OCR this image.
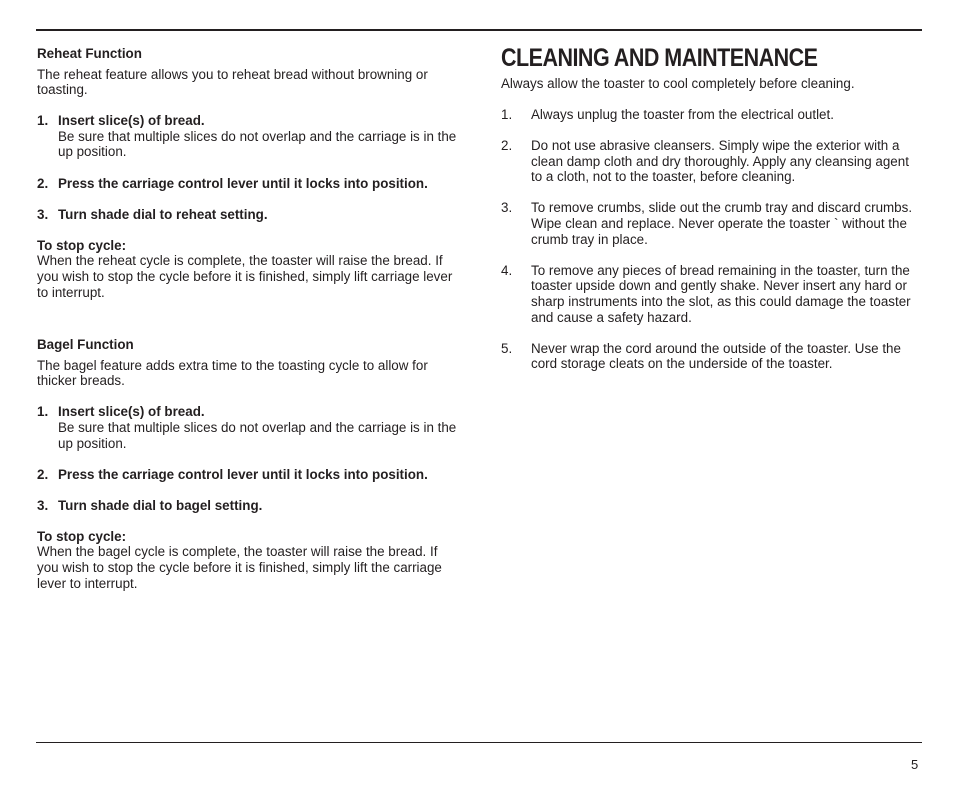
Reheat Function

The reheat feature allows you to reheat bread without browning or toasting.

1. Insert slice(s) of bread.
Be sure that multiple slices do not overlap and the carriage is in the up position.
2. Press the carriage control lever until it locks into position.
3. Turn shade dial to reheat setting.
To stop cycle:

When the reheat cycle is complete, the toaster will raise the bread. If you wish to stop the cycle before it is finished, simply lift carriage lever to interrupt.

Bagel Function

The bagel feature adds extra time to the toasting cycle to allow for thicker breads.

1. Insert slice(s) of bread.
Be sure that multiple slices do not overlap and the carriage is in the up position.
2. Press the carriage control lever until it locks into position.
3. Turn shade dial to bagel setting.
To stop cycle:

When the bagel cycle is complete, the toaster will raise the bread. If you wish to stop the cycle before it is finished, simply lift the carriage lever to interrupt.

CLEANING AND MAINTENANCE

Always allow the toaster to cool completely before cleaning.

1.	Always unplug the toaster from the electrical outlet.
2.	Do not use abrasive cleansers. Simply wipe the exterior with a clean damp cloth and dry thoroughly. Apply any cleansing agent to a cloth, not to the toaster, before cleaning.
3.	To remove crumbs, slide out the crumb tray and discard crumbs. Wipe clean and replace. Never operate the toaster ` without the crumb tray in place.
4.	To remove any pieces of bread remaining in the toaster, turn the toaster upside down and gently shake. Never insert any hard or sharp instruments into the slot, as this could damage the toaster and cause a safety hazard.
5.	Never wrap the cord around the outside of the toaster. Use the cord storage cleats on the underside of the toaster.
5
